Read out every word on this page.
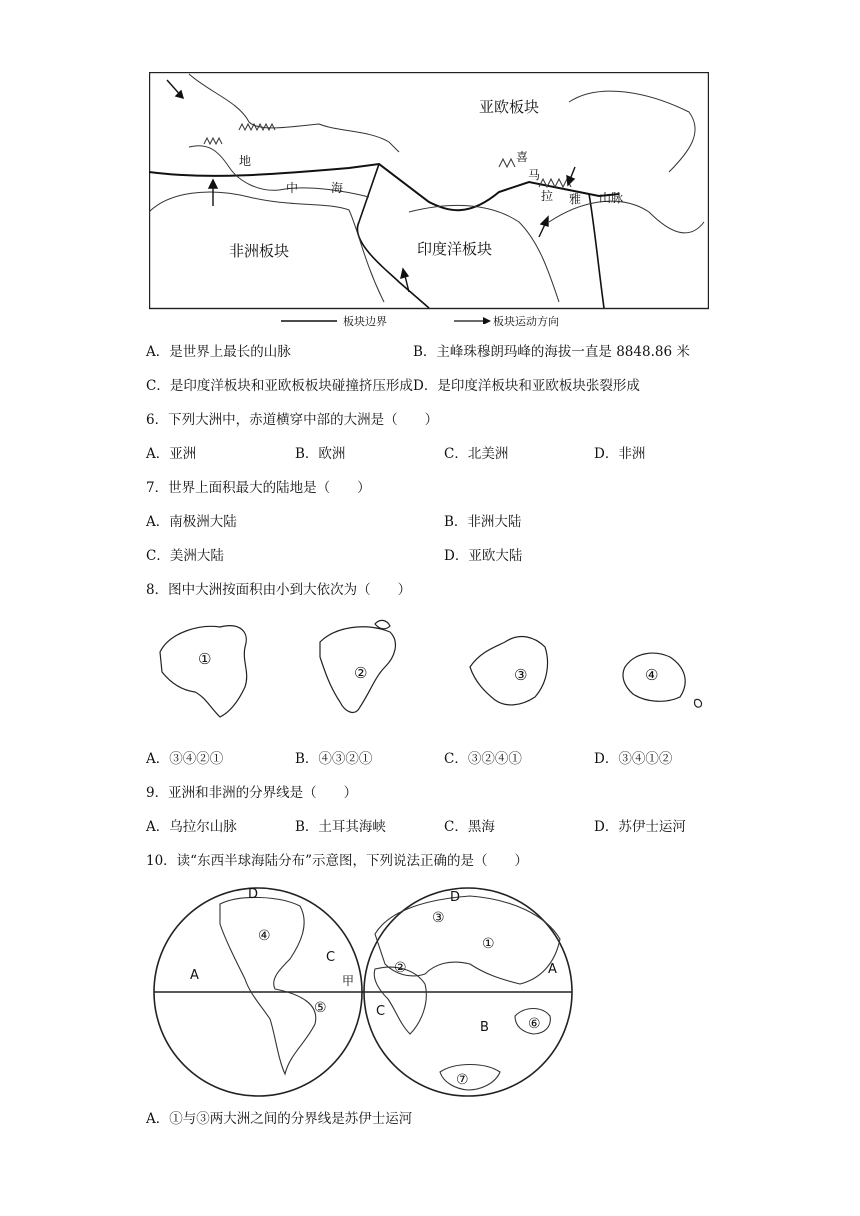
亚欧板块
非洲板块	印度洋板块
地
中	海
喜
马
拉 雅 山脉
板块边界	板块运动方向
A．是世界上最长的山脉	B．主峰珠穆朗玛峰的海拔一直是 8848.86 米
C．是印度洋板块和亚欧板板块碰撞挤压形成 D．是印度洋板块和亚欧板块张裂形成
6．下列大洲中，赤道横穿中部的大洲是（　　）
A．亚洲	B．欧洲	C．北美洲	D．非洲
7．世界上面积最大的陆地是（　　）
A．南极洲大陆	B．非洲大陆
C．美洲大陆	D．亚欧大陆
8．图中大洲按面积由小到大依次为（　　）
①
②	③	④
A．③④②①	B．④③②①	C．③②④①	D．③④①②
9．亚洲和非洲的分界线是（　　）
A．乌拉尔山脉	B．土耳其海峡	C．黑海	D．苏伊士运河
10．读“东西半球海陆分布”示意图，下列说法正确的是（　　）
D
④
C
A	甲
⑤
D
③
①
②	A
C
B	⑥
⑦
A．①与③两大洲之间的分界线是苏伊士运河
